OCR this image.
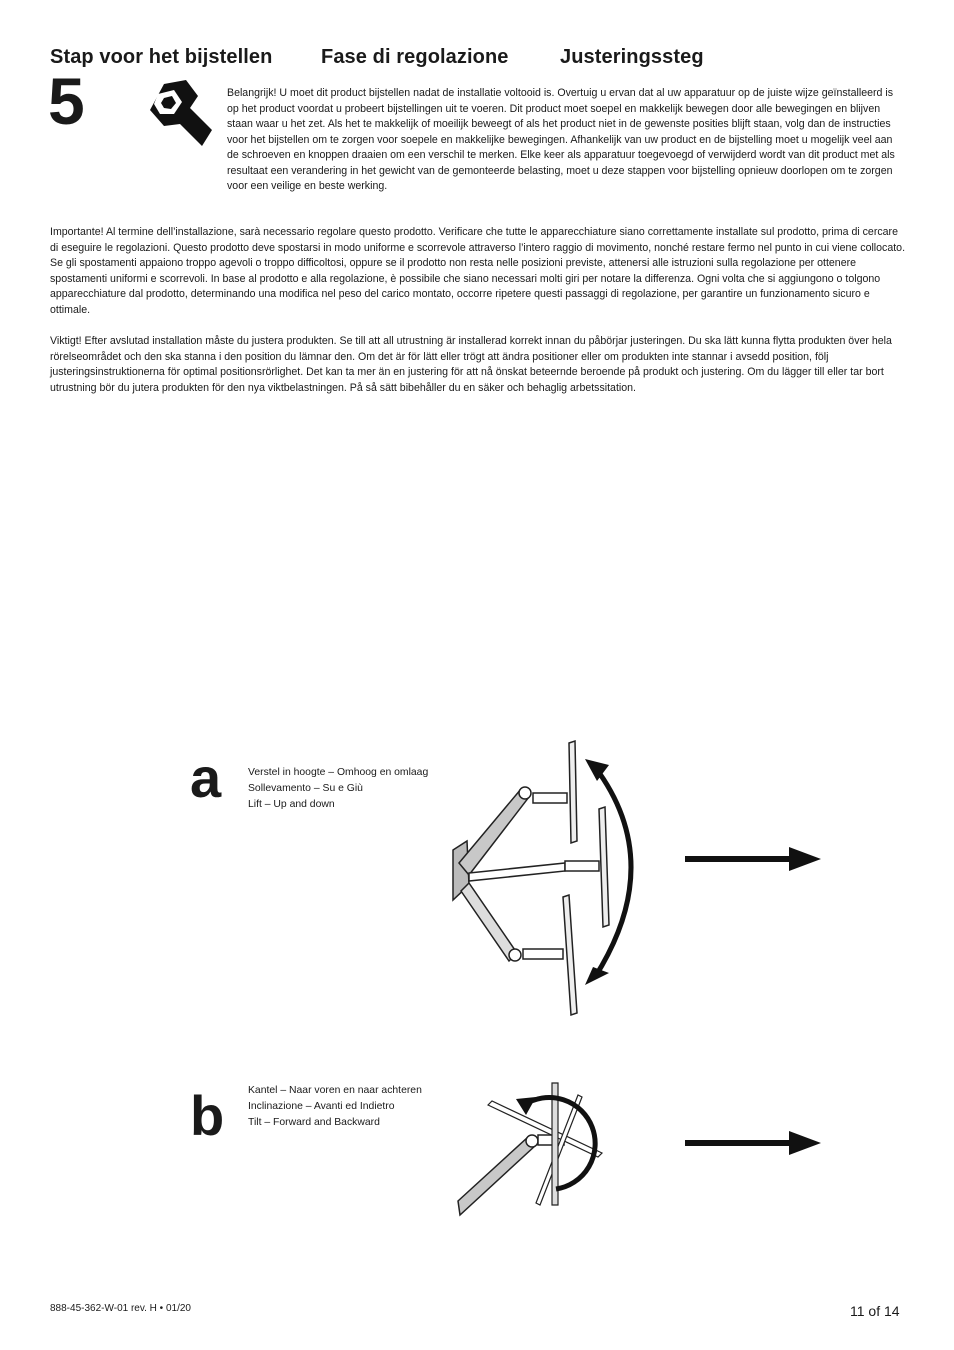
Stap voor het bijstellen Fase di regolazione	Justeringssteg
5	Belangrijk! U moet dit product bijstellen nadat de installatie voltooid is. Overtuig u ervan dat al uw apparatuur op de juiste wijze geïnstalleerd is op het product voordat u probeert bijstellingen uit te voeren. Dit product moet soepel en makkelijk bewegen door alle bewegingen en blijven staan waar u het zet. Als het te makkelijk of moeilijk beweegt of als het product niet in de gewenste posities blijft staan, volg dan de instructies voor het bijstellen om te zorgen voor soepele en makkelijke bewegingen. Afhankelijk van uw product en de bijstelling moet u mogelijk veel aan de schroeven en knoppen draaien om een verschil te merken. Elke keer als apparatuur toegevoegd of verwijderd wordt van dit product met als resultaat een verandering in het gewicht van de gemonteerde belasting, moet u deze stappen voor bijstelling opnieuw doorlopen om te zorgen voor een veilige en beste werking.

Importante! Al termine dell’installazione, sarà necessario regolare questo prodotto. Verificare che tutte le apparecchiature siano correttamente installate sul prodotto, prima di cercare di eseguire le regolazioni. Questo prodotto deve spostarsi in modo uniforme e scorrevole attraverso l’intero raggio di movimento, nonché restare fermo nel punto in cui viene collocato. Se gli spostamenti appaiono troppo agevoli o troppo difficoltosi, oppure se il prodotto non resta nelle posizioni previste, attenersi alle istruzioni sulla regolazione per ottenere spostamenti uniformi e scorrevoli. In base al prodotto e alla regolazione, è possibile che siano necessari molti giri per notare la differenza. Ogni volta che si aggiungono o tolgono apparecchiature dal prodotto, determinando una modifica nel peso del carico montato, occorre ripetere questi passaggi di regolazione, per garantire un funzionamento sicuro e ottimale.

Viktigt! Efter avslutad installation måste du justera produkten. Se till att all utrustning är installerad korrekt innan du påbörjar justeringen. Du ska lätt kunna flytta produkten över hela rörelseområdet och den ska stanna i den position du lämnar den. Om det är för lätt eller trögt att ändra positioner eller om produkten inte stannar i avsedd position, följ justeringsinstruktionerna för optimal positionsrörlighet. Det kan ta mer än en justering för att nå önskat beteernde beroende på produkt och justering. Om du lägger till eller tar bort utrustning bör du jutera produkten för den nya viktbelastningen. På så sätt bibehåller du en säker och behaglig arbetssitation.

a	Verstel in hoogte – Omhoog en omlaag
Sollevamento – Su e Giù
Lift – Up and down
b Kantel – Naar voren en naar achteren
Inclinazione – Avanti ed Indietro
Tilt – Forward and Backward
888-45-362-W-01 rev. H • 01/20	11 of 14
